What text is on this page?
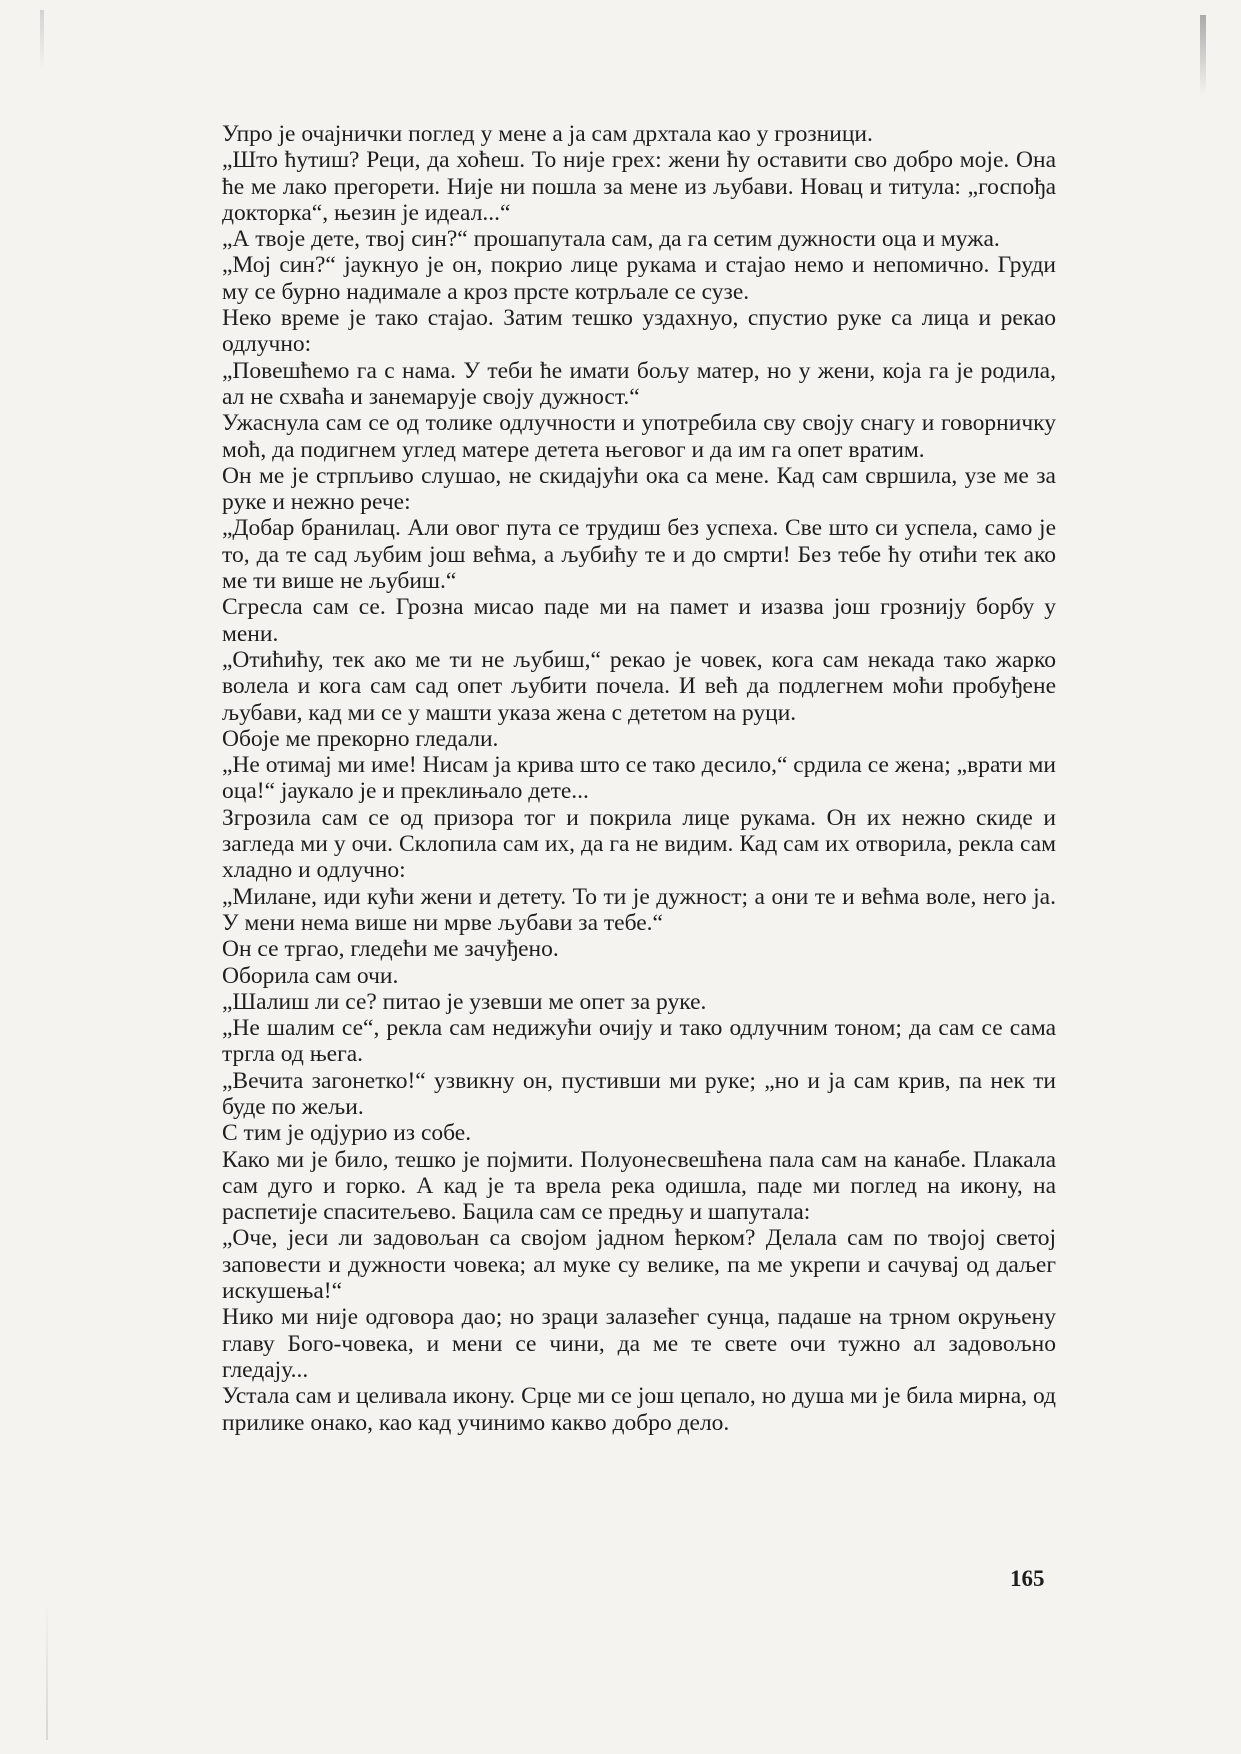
Упро је очајнички поглед у мене а ја сам дрхтала као у грозници.

„Што ћутиш? Реци, да хоћеш. То није грех: жени ћу оставити сво добро моје. Она ће ме лако прегорети. Није ни пошла за мене из љубави. Новац и титула: „госпођа докторка“, њезин је идеал...“

„А твоје дете, твој син?“ прошапутала сам, да га сетим дужности оца и мужа.

„Мој син?“ јаукнуо је он, покрио лице рукама и стајао немо и непомично. Груди му се бурно надимале а кроз прсте котрљале се сузе.

Неко време је тако стајао. Затим тешко уздахнуо, спустио руке са лица и рекао одлучно:

„Повешћемо га с нама. У теби ће имати бољу матер, но у жени, која га је родила, ал не схваћа и занемарује своју дужност.“

Ужаснула сам се од толике одлучности и употребила сву своју снагу и говорничку моћ, да подигнем углед матере детета његовог и да им га опет вратим.

Он ме је стрпљиво слушао, не скидајући ока са мене. Кад сам свршила, узе ме за руке и нежно рече:

„Добар бранилац. Али овог пута се трудиш без успеха. Све што си успела, само је то, да те сад љубим још већма, а љубићу те и до смрти! Без тебе ћу отићи тек ако ме ти више не љубиш.“

Сгресла сам се. Грозна мисао паде ми на памет и изазва још грознију борбу у мени.

„Отићићу, тек ако ме ти не љубиш,“ рекао је човек, кога сам некада тако жарко волела и кога сам сад опет љубити почела. И већ да подлегнем моћи пробуђене љубави, кад ми се у машти указа жена с дететом на руци.

Обоје ме прекорно гледали.

„Не отимај ми име! Нисам ја крива што се тако десило,“ срдила се жена; „врати ми оца!“ јаукало је и преклињало дете...

Згрозила сам се од призора тог и покрила лице рукама. Он их нежно скиде и загледа ми у очи. Склопила сам их, да га не видим. Кад сам их отворила, рекла сам хладно и одлучно:

„Милане, иди кући жени и детету. То ти је дужност; а они те и већма воле, него ја. У мени нема више ни мрве љубави за тебе.“

Он се тргао, гледећи ме зачуђено.

Оборила сам очи.

„Шалиш ли се? питао је узевши ме опет за руке.

„Не шалим се“, рекла сам недижући очију и тако одлучним тоном; да сам се сама тргла од њега.

„Вечита загонетко!“ узвикну он, пустивши ми руке; „но и ја сам крив, па нек ти буде по жељи.

С тим је одјурио из собе.

Како ми је било, тешко је појмити. Полуонесвешћена пала сам на канабе. Плакала сам дуго и горко. А кад је та врела река одишла, паде ми поглед на икону, на распетије спаситељево. Бацила сам се предњу и шапутала:

„Оче, јеси ли задовољан са својом јадном ћерком? Делала сам по твојој светој заповести и дужности човека; ал муке су велике, па ме укрепи и сачувај од даљег искушења!“

Нико ми није одговора дао; но зраци залазећег сунца, падаше на трном окруњену главу Бого-човека, и мени се чини, да ме те свете очи тужно ал задовољно гледају...

Устала сам и целивала икону. Срце ми се још цепало, но душа ми је била мирна, од прилике онако, као кад учинимо какво добро дело.

165
